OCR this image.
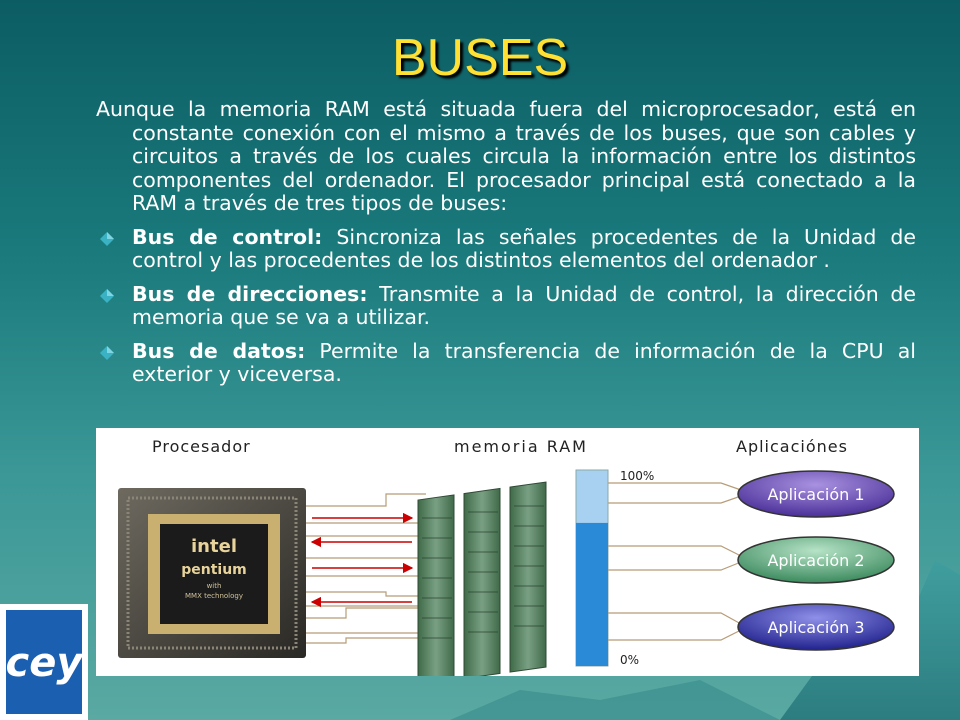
BUSES

Aunque la memoria RAM está situada fuera del microprocesador, está en constante conexión con el mismo a través de los buses, que son cables y circuitos a través de los cuales circula la información entre los distintos componentes del ordenador. El procesador principal está conectado a la RAM a través de tres tipos de buses:

Bus de control: Sincroniza las señales procedentes de la Unidad de control y las procedentes de los distintos elementos del ordenador .

Bus de direcciones: Transmite a la Unidad de control, la dirección de memoria que se va a utilizar.

Bus de datos: Permite la transferencia de información de la CPU al exterior y viceversa.

Procesador	memoria RAM	Aplicaciónes
intel
pentium
with
MMX technology
100%
0%
Aplicación 1
Aplicación 2
Aplicación 3
cey
